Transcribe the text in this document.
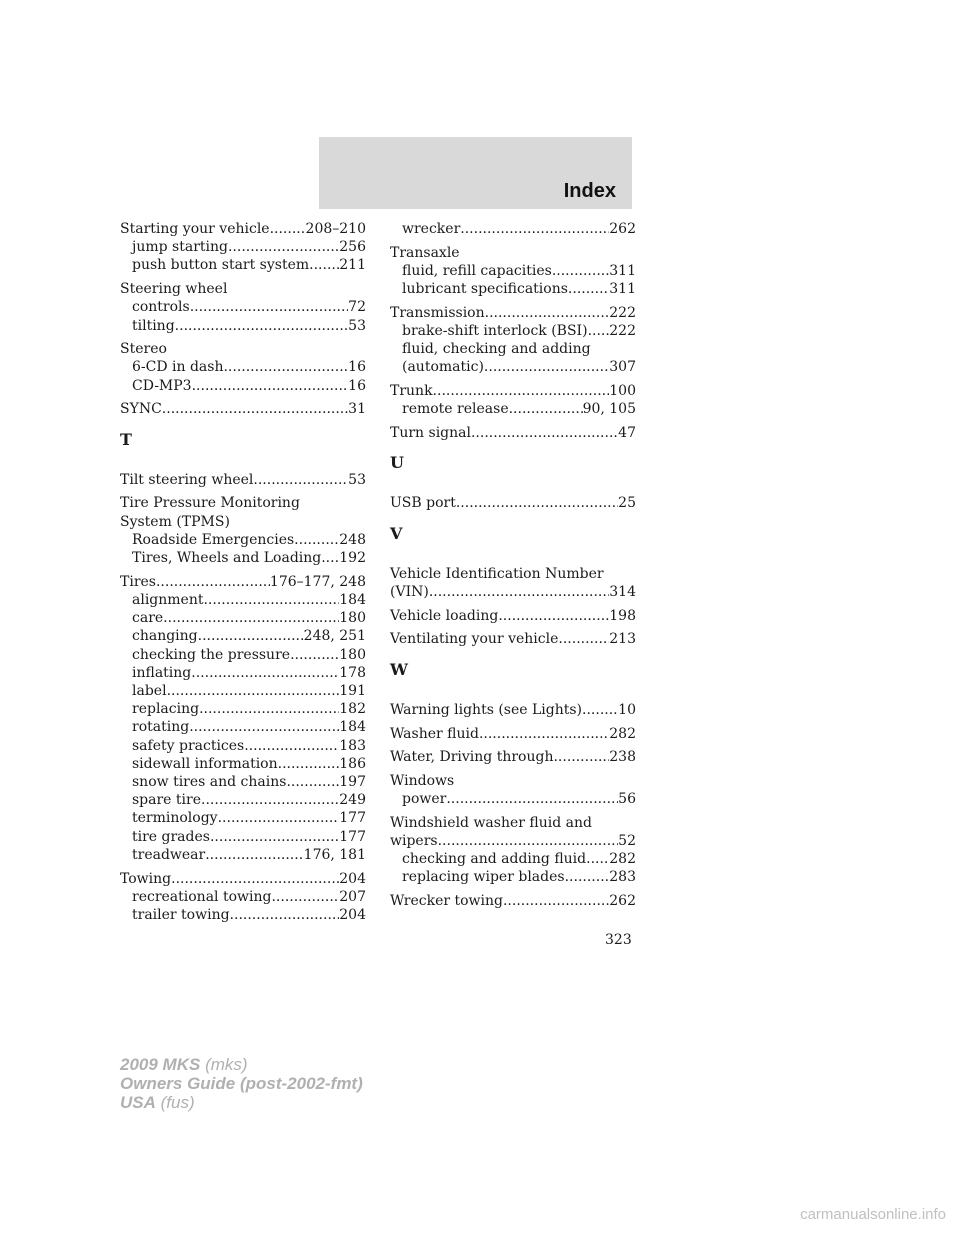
Index
Starting your vehicle .....	208–210
jump starting .....	256
push button start system ..... 211
Steering wheel
controls .....	72
tilting .....	53
Stereo
6-CD in dash .....	16
CD-MP3 .....	16
SYNC .....	31
T
Tilt steering wheel .....	53
Tire Pressure Monitoring
System (TPMS)
Roadside Emergencies .....	248
Tires, Wheels and Loading ..... 192
Tires .....	176–177, 248
alignment .....	184
care .....	180
changing .....	248, 251
checking the pressure .....	180
inflating .....	178
label .....	191
replacing .....	182
rotating .....	184
safety practices .....	183
sidewall information .....	186
snow tires and chains .....	197
spare tire .....	249
terminology .....	177
tire grades .....	177
treadwear .....	176, 181
Towing .....	204
recreational towing .....	207
trailer towing .....	204
wrecker .....	262
Transaxle
fluid, refill capacities .....	311
lubricant specifications .....	311
Transmission .....	222
brake-shift interlock (BSI) ..... 222
fluid, checking and adding
(automatic) .....	307
Trunk .....	100
remote release .....	90, 105
Turn signal .....	47
U
USB port .....	25
V
Vehicle Identification Number
(VIN) .....	314
Vehicle loading .....	198
Ventilating your vehicle .....	213
W
Warning lights (see Lights) .....	10
Washer fluid .....	282
Water, Driving through .....	238
Windows
power .....	56
Windshield washer fluid and
wipers .....	52
checking and adding fluid ..... 282
replacing wiper blades .....	283
Wrecker towing .....	262
323
2009 MKS (mks)
Owners Guide (post-2002-fmt)
USA (fus)
carmanualsonline.info
